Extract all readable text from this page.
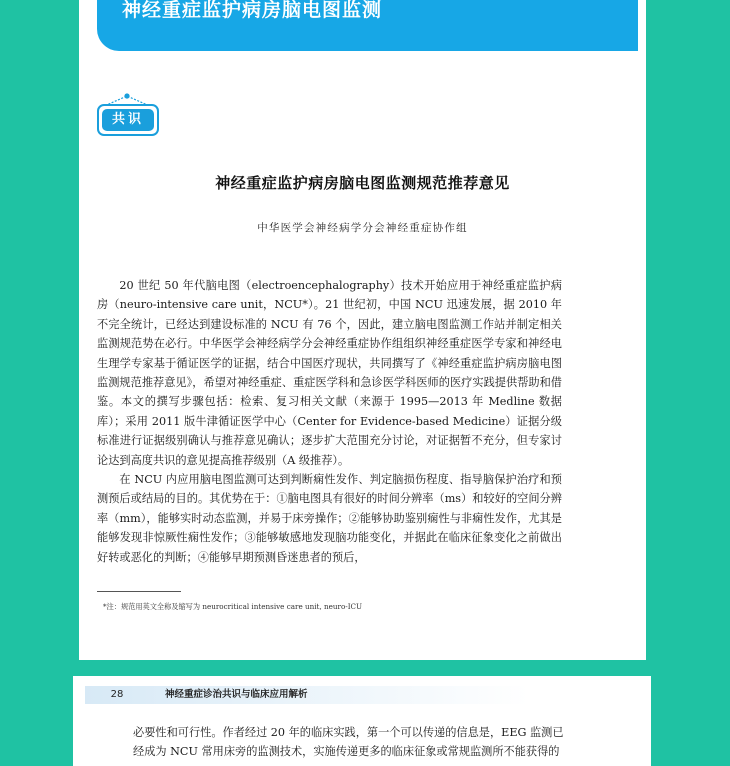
神经重症监护病房脑电图监测
共识
神经重症监护病房脑电图监测规范推荐意见
中华医学会神经病学分会神经重症协作组

20 世纪 50 年代脑电图（electroencephalography）技术开始应用于神经重症监护病房（neuro-intensive care unit，NCU*）。21 世纪初，中国 NCU 迅速发展，据 2010 年不完全统计，已经达到建设标准的 NCU 有 76 个，因此，建立脑电图监测工作站并制定相关监测规范势在必行。中华医学会神经病学分会神经重症协作组组织神经重症医学专家和神经电生理学专家基于循证医学的证据，结合中国医疗现状，共同撰写了《神经重症监护病房脑电图监测规范推荐意见》，希望对神经重症、重症医学科和急诊医学科医师的医疗实践提供帮助和借鉴。本文的撰写步骤包括：检索、复习相关文献（来源于 1995—2013 年 Medline 数据库）；采用 2011 版牛津循证医学中心（Center for Evidence-based Medicine）证据分级标准进行证据级别确认与推荐意见确认；逐步扩大范围充分讨论，对证据暂不充分，但专家讨论达到高度共识的意见提高推荐级别（A 级推荐）。

在 NCU 内应用脑电图监测可达到判断痫性发作、判定脑损伤程度、指导脑保护治疗和预测预后或结局的目的。其优势在于：①脑电图具有很好的时间分辨率（ms）和较好的空间分辨率（mm），能够实时动态监测，并易于床旁操作；②能够协助鉴别痫性与非痫性发作，尤其是能够发现非惊厥性痫性发作；③能够敏感地发现脑功能变化，并据此在临床征象变化之前做出好转或恶化的判断；④能够早期预测昏迷患者的预后，

*注：规范用英文全称及缩写为 neurocritical intensive care unit, neuro-ICU
28	神经重症诊治共识与临床应用解析

必要性和可行性。作者经过 20 年的临床实践，第一个可以传递的信息是，EEG 监测已

经成为 NCU 常用床旁的监测技术，实施传递更多的临床征象或常规监测所不能获得的
